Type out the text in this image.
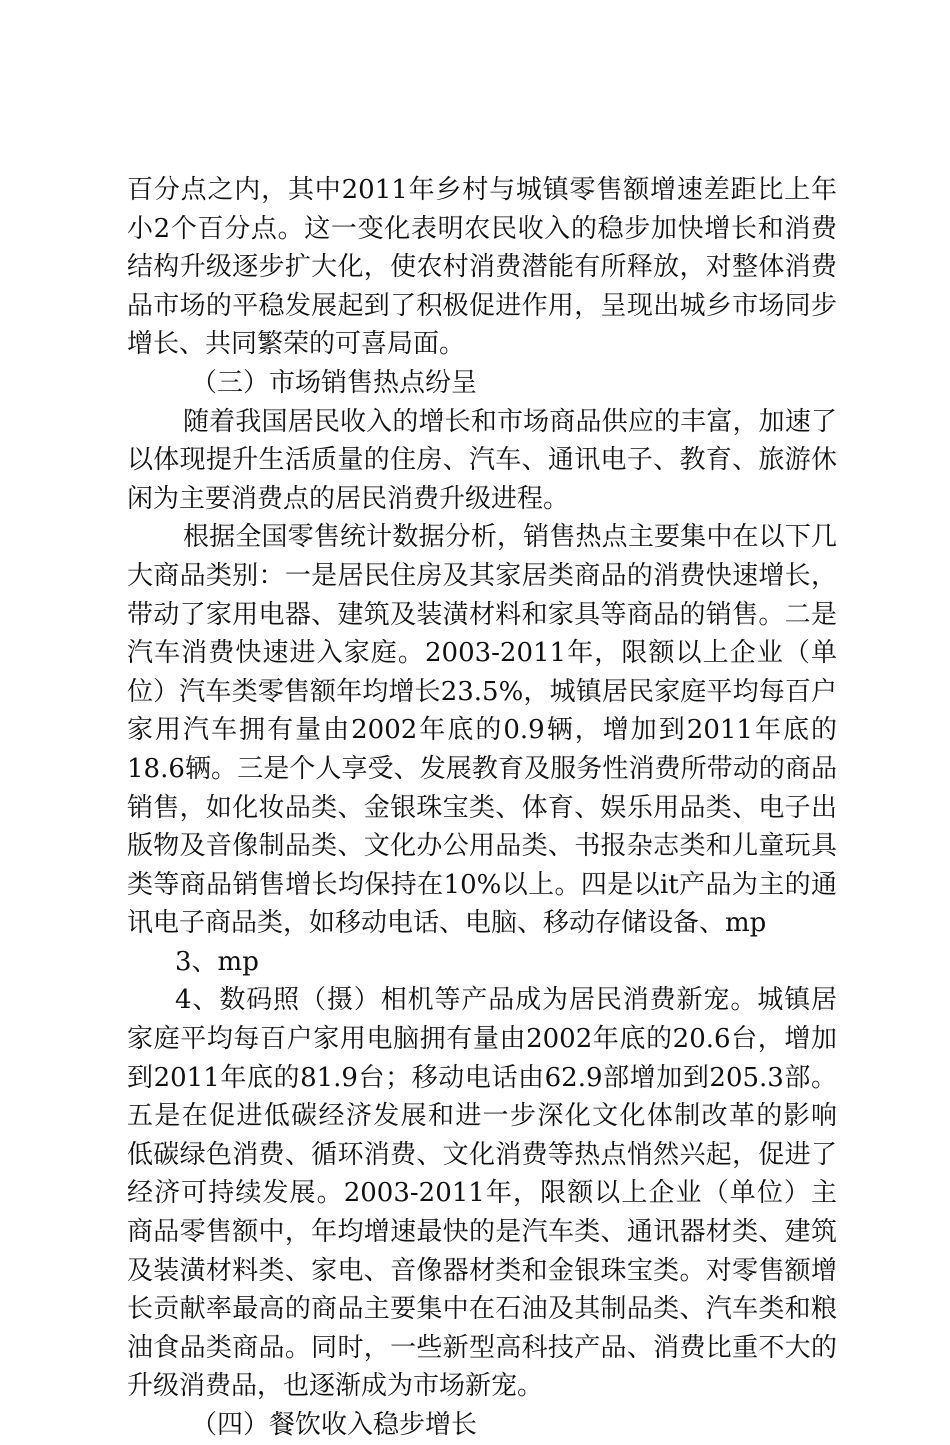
百分点之内，其中2011年乡村与城镇零售额增速差距比上年
小2个百分点。这一变化表明农民收入的稳步加快增长和消费
结构升级逐步扩大化，使农村消费潜能有所释放，对整体消费
品市场的平稳发展起到了积极促进作用，呈现出城乡市场同步
增长、共同繁荣的可喜局面。
（三）市场销售热点纷呈
随着我国居民收入的增长和市场商品供应的丰富，加速了
以体现提升生活质量的住房、汽车、通讯电子、教育、旅游休
闲为主要消费点的居民消费升级进程。
根据全国零售统计数据分析，销售热点主要集中在以下几
大商品类别：一是居民住房及其家居类商品的消费快速增长，
带动了家用电器、建筑及装潢材料和家具等商品的销售。二是
汽车消费快速进入家庭。2003-2011年，限额以上企业（单
位）汽车类零售额年均增长23.5%，城镇居民家庭平均每百户
家用汽车拥有量由2002年底的0.9辆，增加到2011年底的
18.6辆。三是个人享受、发展教育及服务性消费所带动的商品
销售，如化妆品类、金银珠宝类、体育、娱乐用品类、电子出
版物及音像制品类、文化办公用品类、书报杂志类和儿童玩具
类等商品销售增长均保持在10%以上。四是以it产品为主的通
讯电子商品类，如移动电话、电脑、移动存储设备、mp
3、mp
4、数码照（摄）相机等产品成为居民消费新宠。城镇居
家庭平均每百户家用电脑拥有量由2002年底的20.6台，增加
到2011年底的81.9台；移动电话由62.9部增加到205.3部。
五是在促进低碳经济发展和进一步深化文化体制改革的影响
低碳绿色消费、循环消费、文化消费等热点悄然兴起，促进了
经济可持续发展。2003-2011年，限额以上企业（单位）主
商品零售额中，年均增速最快的是汽车类、通讯器材类、建筑
及装潢材料类、家电、音像器材类和金银珠宝类。对零售额增
长贡献率最高的商品主要集中在石油及其制品类、汽车类和粮
油食品类商品。同时，一些新型高科技产品、消费比重不大的
升级消费品，也逐渐成为市场新宠。
（四）餐饮收入稳步增长
